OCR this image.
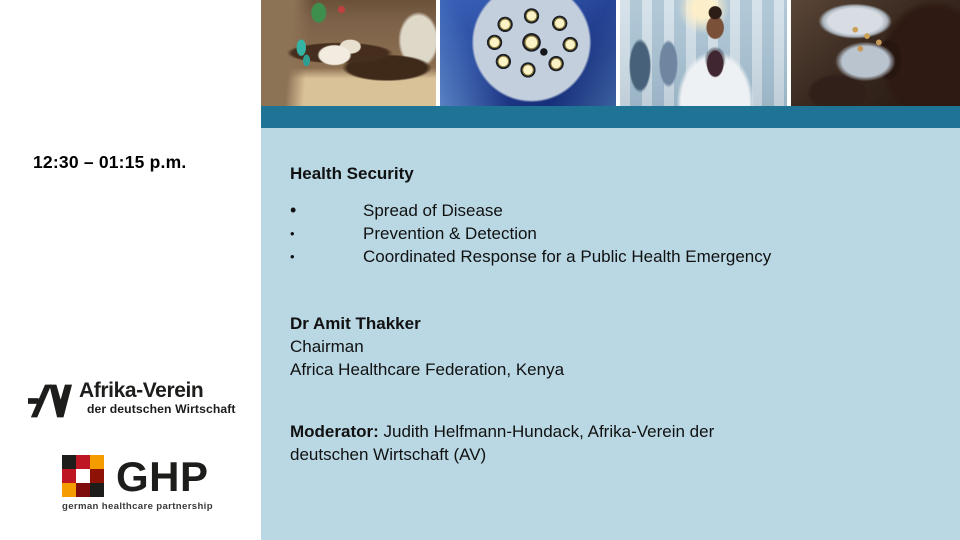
12:30 – 01:15 p.m.
Afrika-Verein
der deutschen Wirtschaft
GHP
german healthcare partnership
Health Security
•	Spread of Disease
•	Prevention & Detection
•	Coordinated Response for a Public Health Emergency
Dr Amit Thakker
Chairman
Africa Healthcare Federation, Kenya
Moderator: Judith Helfmann-Hundack, Afrika-Verein der deutschen Wirtschaft (AV)
